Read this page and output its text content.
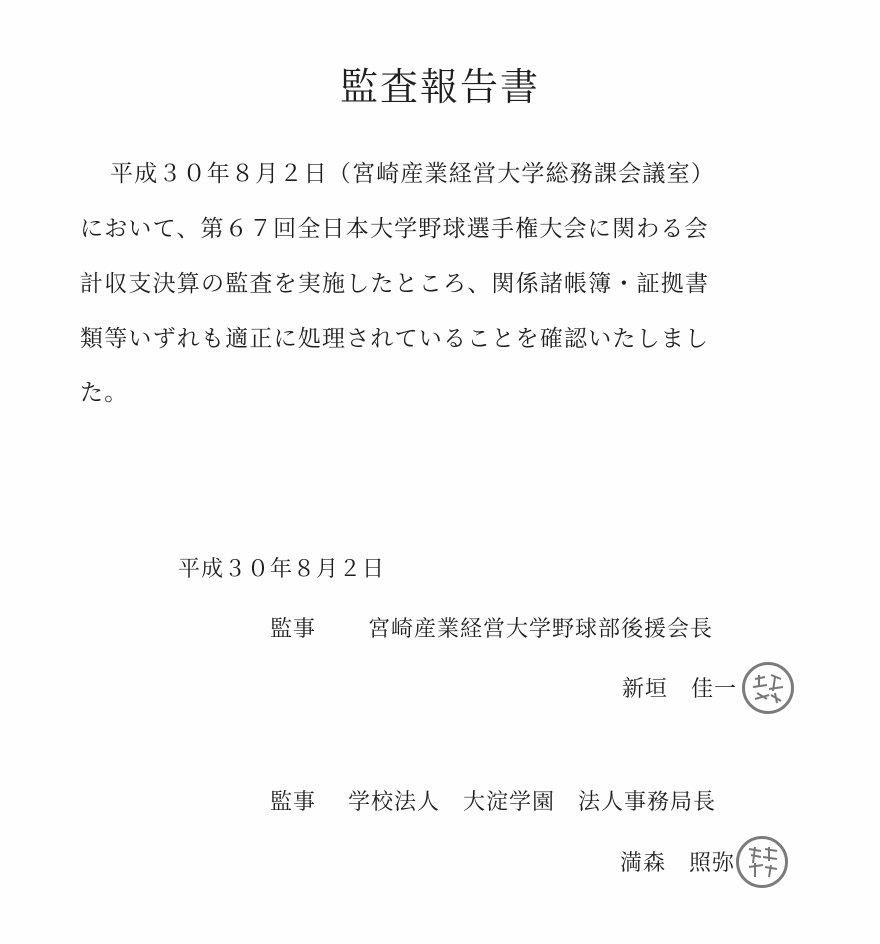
監査報告書
平成３０年８月２日（宮崎産業経営大学総務課会議室）
において、第６７回全日本大学野球選手権大会に関わる会
計収支決算の監査を実施したところ、関係諸帳簿・証拠書
類等いずれも適正に処理されていることを確認いたしまし
た。
平成３０年８月２日
監事 宮崎産業経営大学野球部後援会長
新垣　佳一
監事 学校法人　大淀学園　法人事務局長
満森　照弥
